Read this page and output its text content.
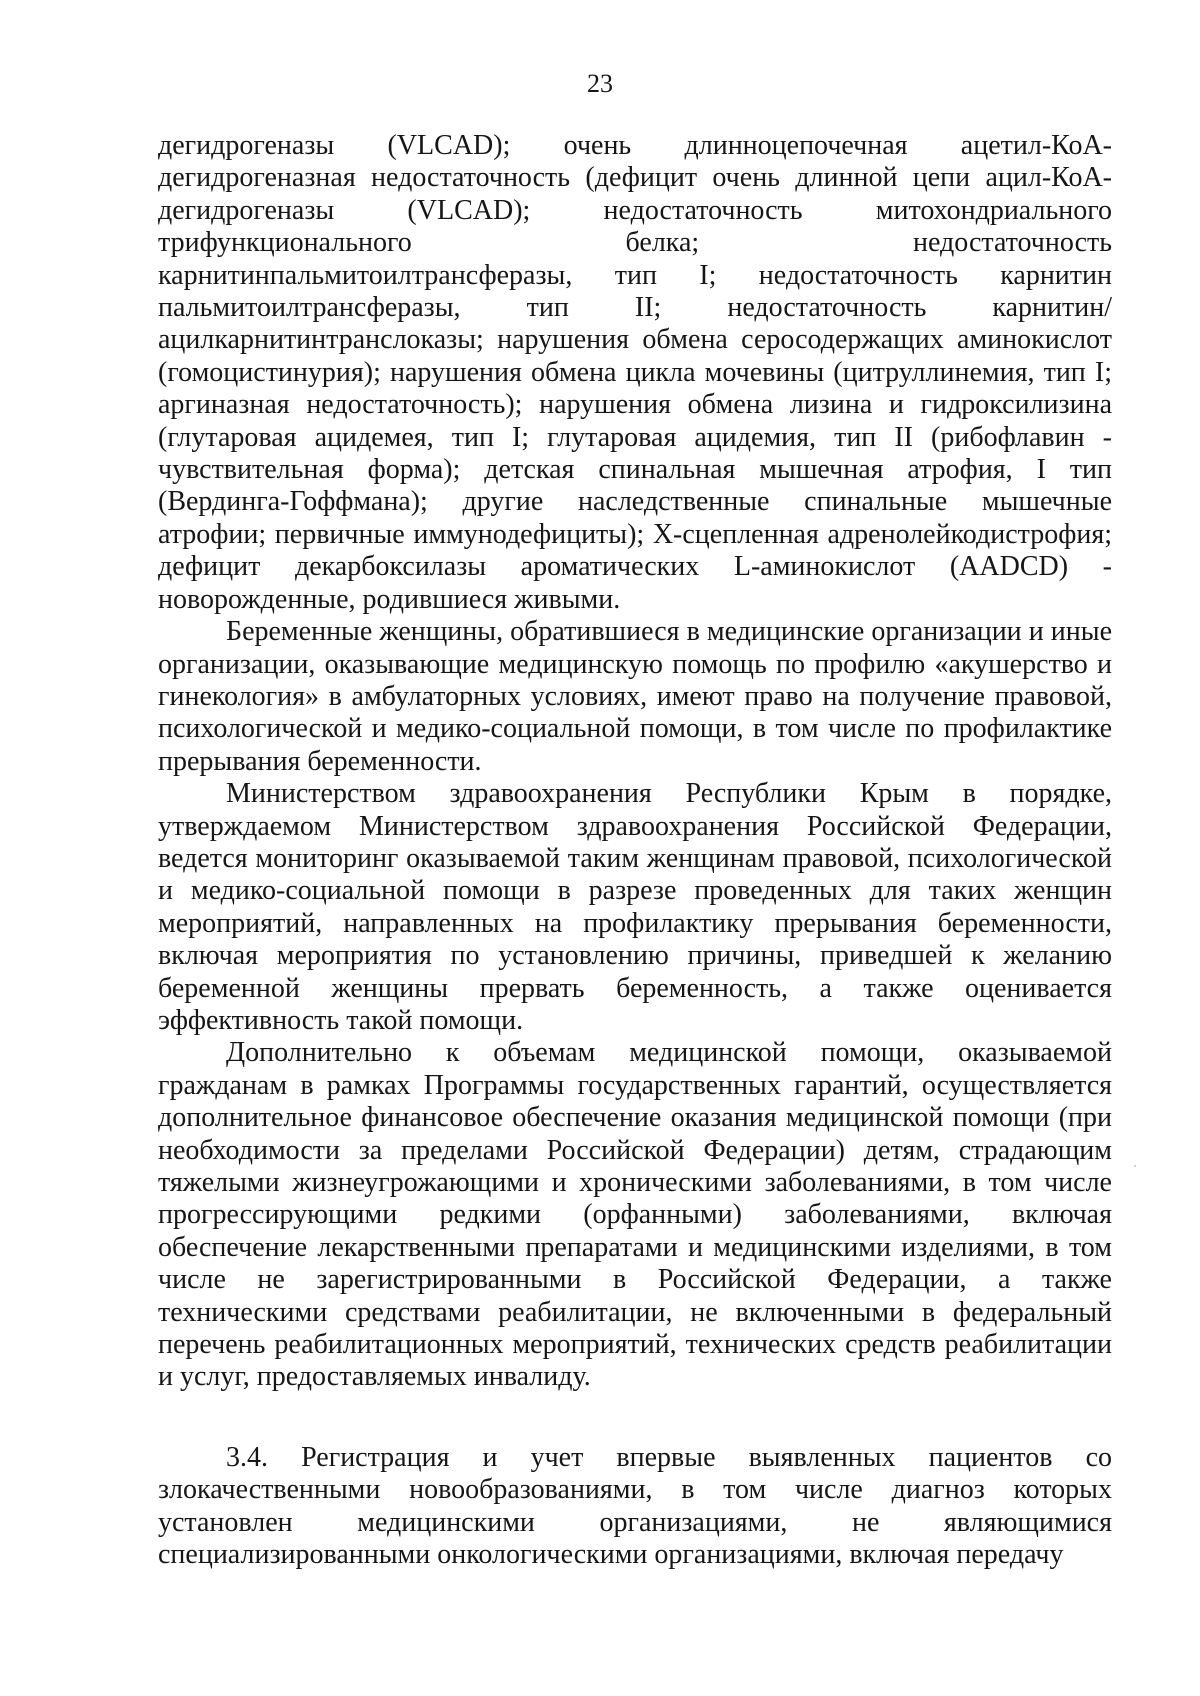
23

дегидрогеназы (VLCAD); очень длинноцепочечная ацетил-КоА-дегидрогеназная недостаточность (дефицит очень длинной цепи ацил-КоА-дегидрогеназы (VLCAD); недостаточность митохондриального трифункционального белка; недостаточность карнитинпальмитоилтрансферазы, тип I; недостаточность карнитин пальмитоилтрансферазы, тип II; недостаточность карнитин/ацилкарнитинтранслоказы; нарушения обмена серосодержащих аминокислот (гомоцистинурия); нарушения обмена цикла мочевины (цитруллинемия, тип I; аргиназная недостаточность); нарушения обмена лизина и гидроксилизина (глутаровая ацидемея, тип I; глутаровая ацидемия, тип II (рибофлавин - чувствительная форма); детская спинальная мышечная атрофия, I тип (Вердинга-Гоффмана); другие наследственные спинальные мышечные атрофии; первичные иммунодефициты); Х-сцепленная адренолейкодистрофия; дефицит декарбоксилазы ароматических L-аминокислот (AADCD) - новорожденные, родившиеся живыми.

Беременные женщины, обратившиеся в медицинские организации и иные организации, оказывающие медицинскую помощь по профилю «акушерство и гинекология» в амбулаторных условиях, имеют право на получение правовой, психологической и медико-социальной помощи, в том числе по профилактике прерывания беременности.

Министерством здравоохранения Республики Крым в порядке, утверждаемом Министерством здравоохранения Российской Федерации, ведется мониторинг оказываемой таким женщинам правовой, психологической и медико-социальной помощи в разрезе проведенных для таких женщин мероприятий, направленных на профилактику прерывания беременности, включая мероприятия по установлению причины, приведшей к желанию беременной женщины прервать беременность, а также оценивается эффективность такой помощи.

Дополнительно к объемам медицинской помощи, оказываемой гражданам в рамках Программы государственных гарантий, осуществляется дополнительное финансовое обеспечение оказания медицинской помощи (при необходимости за пределами Российской Федерации) детям, страдающим тяжелыми жизнеугрожающими и хроническими заболеваниями, в том числе прогрессирующими редкими (орфанными) заболеваниями, включая обеспечение лекарственными препаратами и медицинскими изделиями, в том числе не зарегистрированными в Российской Федерации, а также техническими средствами реабилитации, не включенными в федеральный перечень реабилитационных мероприятий, технических средств реабилитации и услуг, предоставляемых инвалиду.

3.4. Регистрация и учет впервые выявленных пациентов со злокачественными новообразованиями, в том числе диагноз которых установлен медицинскими организациями, не являющимися специализированными онкологическими организациями, включая передачу
